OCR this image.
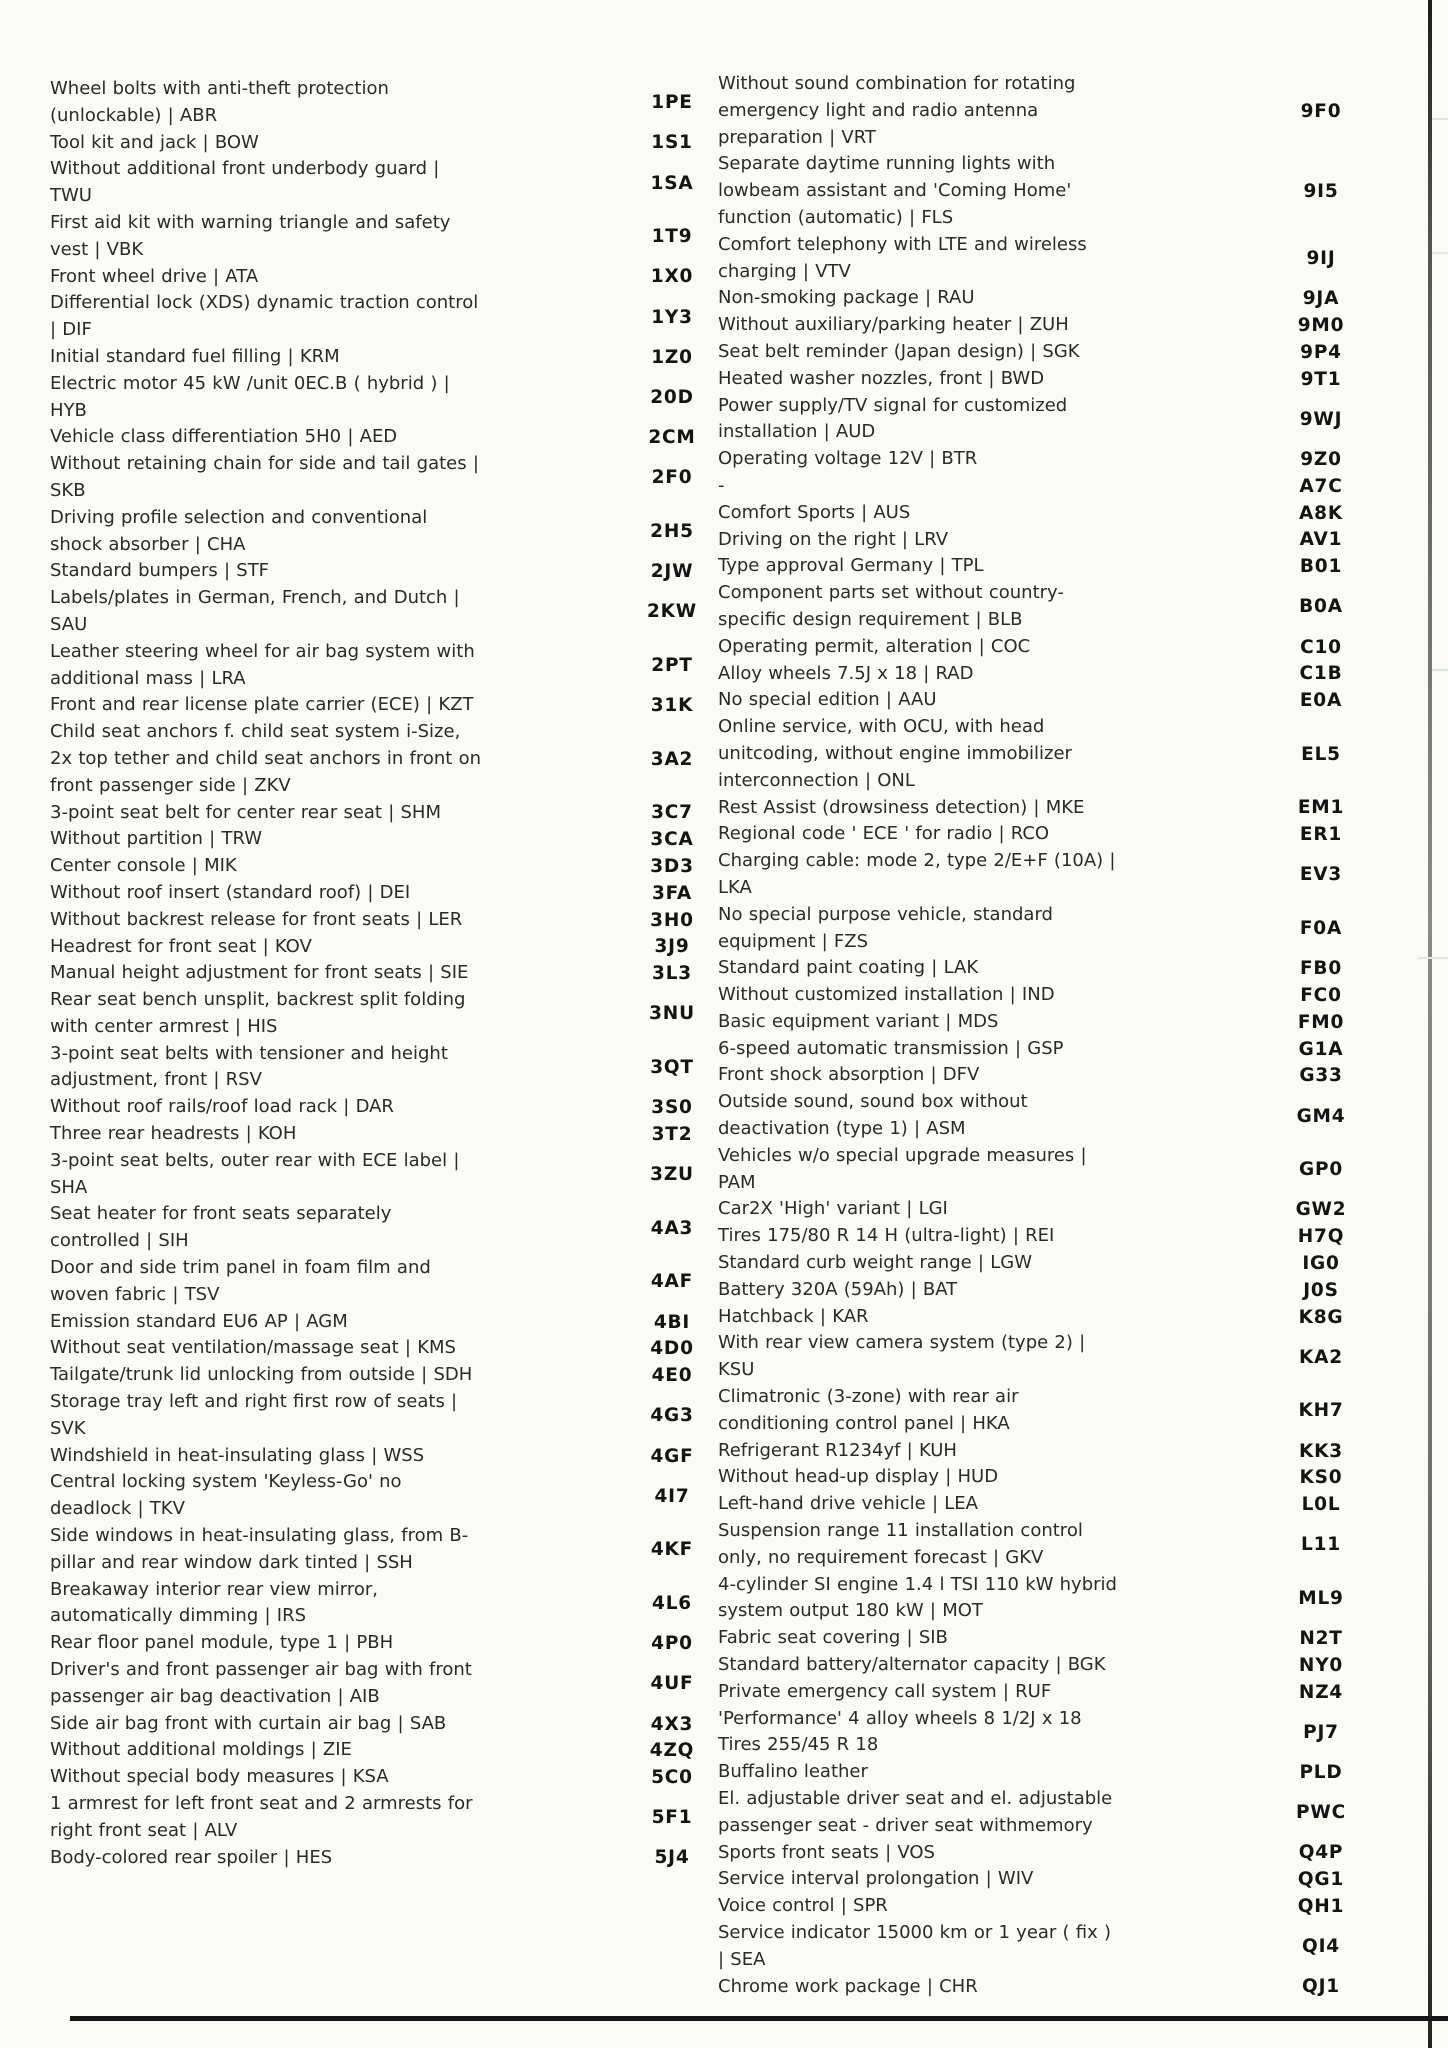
Wheel bolts with anti-theft protection (unlockable) | ABR
1PE
Tool kit and jack | BOW	1S1
Without additional front underbody guard | TWU
1SA
First aid kit with warning triangle and safety vest | VBK
1T9
Front wheel drive | ATA	1X0
Differential lock (XDS) dynamic traction control | DIF
1Y3
Initial standard fuel filling | KRM	1Z0
Electric motor 45 kW /unit 0EC.B ( hybrid ) | HYB
20D
Vehicle class differentiation 5H0 | AED	2CM
Without retaining chain for side and tail gates | SKB
2F0
Driving profile selection and conventional shock absorber | CHA
2H5
Standard bumpers | STF	2JW
Labels/plates in German, French, and Dutch | SAU
2KW
Leather steering wheel for air bag system with additional mass | LRA
2PT
Front and rear license plate carrier (ECE) | KZT	31K
Child seat anchors f. child seat system i-Size, 2x top tether and child seat anchors in front on front passenger side | ZKV
3A2
3-point seat belt for center rear seat | SHM	3C7
Without partition | TRW	3CA
Center console | MIK	3D3
Without roof insert (standard roof) | DEI	3FA
Without backrest release for front seats | LER	3H0
Headrest for front seat | KOV	3J9
Manual height adjustment for front seats | SIE	3L3
Rear seat bench unsplit, backrest split folding with center armrest | HIS
3NU
3-point seat belts with tensioner and height adjustment, front | RSV
3QT
Without roof rails/roof load rack | DAR	3S0
Three rear headrests | KOH	3T2
3-point seat belts, outer rear with ECE label | SHA
3ZU
Seat heater for front seats separately controlled | SIH
4A3
Door and side trim panel in foam film and woven fabric | TSV
4AF
Emission standard EU6 AP | AGM	4BI
Without seat ventilation/massage seat | KMS	4D0
Tailgate/trunk lid unlocking from outside | SDH	4E0
Storage tray left and right first row of seats | SVK
4G3
Windshield in heat-insulating glass | WSS	4GF
Central locking system 'Keyless-Go' no deadlock | TKV
4I7
Side windows in heat-insulating glass, from B-pillar and rear window dark tinted | SSH
4KF
Breakaway interior rear view mirror, automatically dimming | IRS
4L6
Rear floor panel module, type 1 | PBH	4P0
Driver's and front passenger air bag with front passenger air bag deactivation | AIB
4UF
Side air bag front with curtain air bag | SAB	4X3
Without additional moldings | ZIE	4ZQ
Without special body measures | KSA	5C0
1 armrest for left front seat and 2 armrests for right front seat | ALV
5F1
Body-colored rear spoiler | HES	5J4
Without sound combination for rotating emergency light and radio antenna preparation | VRT
9F0
Separate daytime running lights with lowbeam assistant and 'Coming Home' function (automatic) | FLS
9I5
Comfort telephony with LTE and wireless charging | VTV
9IJ
Non-smoking package | RAU	9JA
Without auxiliary/parking heater | ZUH	9M0
Seat belt reminder (Japan design) | SGK	9P4
Heated washer nozzles, front | BWD	9T1
Power supply/TV signal for customized installation | AUD
9WJ
Operating voltage 12V | BTR	9Z0
-	A7C
Comfort Sports | AUS	A8K
Driving on the right | LRV	AV1
Type approval Germany | TPL	B01
Component parts set without country-specific design requirement | BLB
B0A
Operating permit, alteration | COC	C10
Alloy wheels 7.5J x 18 | RAD	C1B
No special edition | AAU	E0A
Online service, with OCU, with head unitcoding, without engine immobilizer interconnection | ONL
EL5
Rest Assist (drowsiness detection) | MKE	EM1
Regional code ' ECE ' for radio | RCO	ER1
Charging cable: mode 2, type 2/E+F (10A) | LKA
EV3
No special purpose vehicle, standard equipment | FZS
F0A
Standard paint coating | LAK	FB0
Without customized installation | IND	FC0
Basic equipment variant | MDS	FM0
6-speed automatic transmission | GSP	G1A
Front shock absorption | DFV	G33
Outside sound, sound box without deactivation (type 1) | ASM
GM4
Vehicles w/o special upgrade measures | PAM
GP0
Car2X 'High' variant | LGI	GW2
Tires 175/80 R 14 H (ultra-light) | REI	H7Q
Standard curb weight range | LGW	IG0
Battery 320A (59Ah) | BAT	J0S
Hatchback | KAR	K8G
With rear view camera system (type 2) | KSU
KA2
Climatronic (3-zone) with rear air conditioning control panel | HKA
KH7
Refrigerant R1234yf | KUH	KK3
Without head-up display | HUD	KS0
Left-hand drive vehicle | LEA	L0L
Suspension range 11 installation control only, no requirement forecast | GKV
L11
4-cylinder SI engine 1.4 l TSI 110 kW hybrid system output 180 kW | MOT
ML9
Fabric seat covering | SIB	N2T
Standard battery/alternator capacity | BGK	NY0
Private emergency call system | RUF	NZ4
'Performance' 4 alloy wheels 8 1/2J x 18 Tires 255/45 R 18
PJ7
Buffalino leather	PLD
El. adjustable driver seat and el. adjustable passenger seat - driver seat withmemory
PWC
Sports front seats | VOS	Q4P
Service interval prolongation | WIV	QG1
Voice control | SPR	QH1
Service indicator 15000 km or 1 year ( fix ) | SEA
QI4
Chrome work package | CHR	QJ1
